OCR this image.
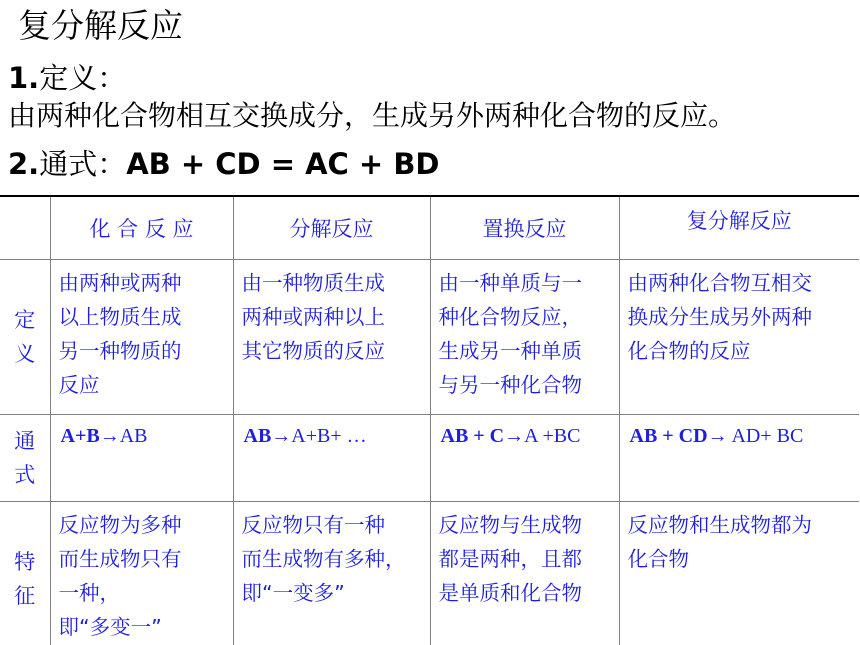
复分解反应
1.定义：
由两种化合物相互交换成分，生成另外两种化合物的反应。
2.通式：AB + CD = AC + BD
	化 合 反 应	分解反应	置换反应	复分解反应
定
义	由两种或两种
以上物质生成
另一种物质的
反应	由一种物质生成
两种或两种以上
其它物质的反应	由一种单质与一
种化合物反应，
生成另一种单质
与另一种化合物	由两种化合物互相交
换成分生成另外两种
化合物的反应
通
式	A+B→AB	AB→A+B+ …	AB + C→A +BC	AB + CD→ AD+ BC
特
征	反应物为多种
而生成物只有
一种，
即“多变一”	反应物只有一种
而生成物有多种，
即“一变多”	反应物与生成物
都是两种，且都
是单质和化合物	反应物和生成物都为
化合物
